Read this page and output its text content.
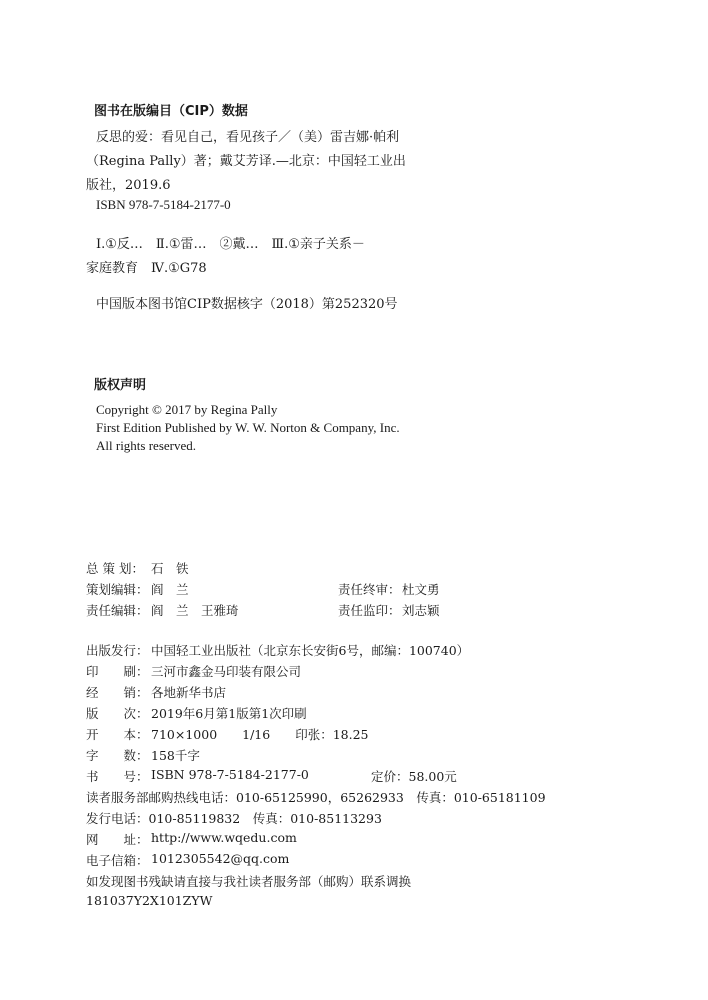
图书在版编目（CIP）数据
反思的爱：看见自己，看见孩子／（美）雷吉娜·帕利
（Regina Pally）著；戴艾芳译.—北京：中国轻工业出
版社，2019.6
ISBN 978-7-5184-2177-0
Ⅰ.①反…　Ⅱ.①雷…　②戴…　Ⅲ.①亲子关系－
家庭教育　Ⅳ.①G78
中国版本图书馆CIP数据核字（2018）第252320号
版权声明
Copyright © 2017 by Regina Pally
First Edition Published by W. W. Norton & Company, Inc.
All rights reserved.
总 策 划： 石　铁
策划编辑： 阎　兰	责任终审： 杜文勇
责任编辑： 阎　兰　王雅琦	责任监印： 刘志颖
出版发行： 中国轻工业出版社（北京东长安街6号，邮编：100740）
印　　刷： 三河市鑫金马印装有限公司
经　　销： 各地新华书店
版　　次： 2019年6月第1版第1次印刷
开　　本： 710×1000　　1/16　　印张：18.25
字　　数： 158千字
书　　号： ISBN 978-7-5184-2177-0	定价：58.00元
读者服务部邮购热线电话：010-65125990，65262933　传真：010-65181109
发行电话：010-85119832　传真：010-85113293
网　　址： http://www.wqedu.com
电子信箱： 1012305542@qq.com
如发现图书残缺请直接与我社读者服务部（邮购）联系调换
181037Y2X101ZYW
